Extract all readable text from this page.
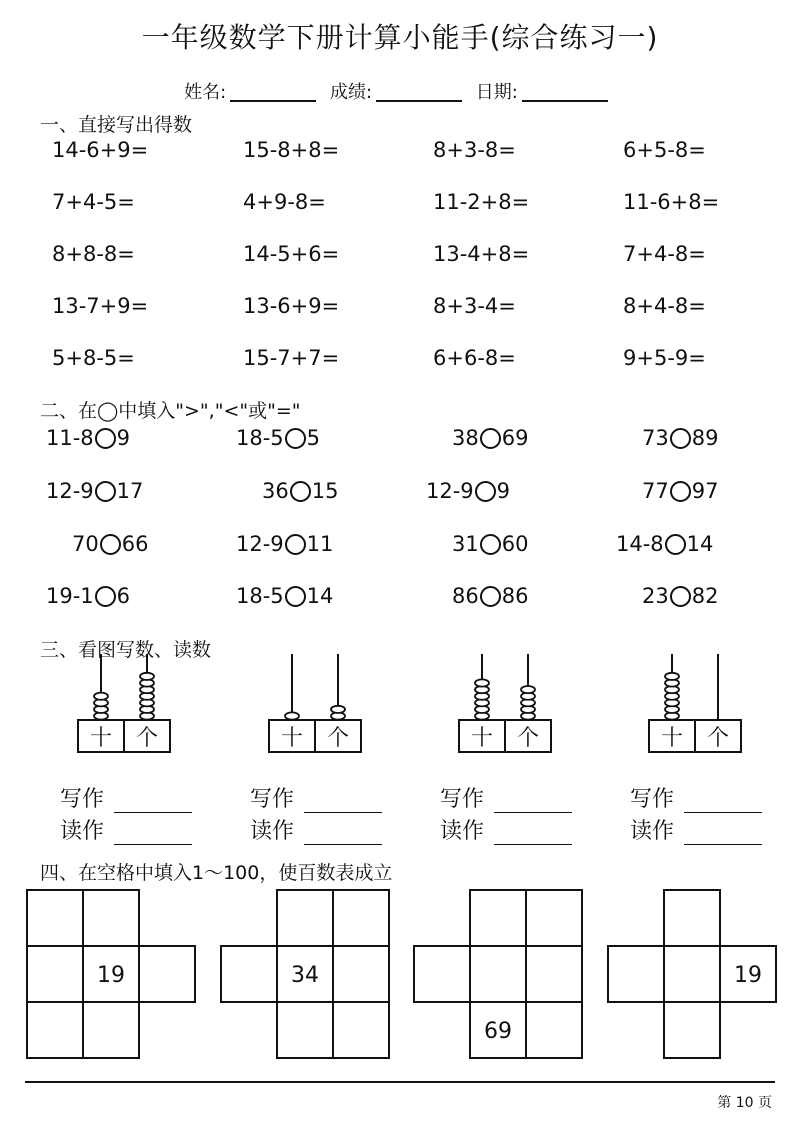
一年级数学下册计算小能手(综合练习一)
姓名:	成绩:	日期:
一、直接写出得数
14-6+9=	15-8+8=	8+3-8=	6+5-8=
7+4-5=	4+9-8=	11-2+8=	11-6+8=
8+8-8=	14-5+6=	13-4+8=	7+4-8=
13-7+9=	13-6+9=	8+3-4=	8+4-8=
5+8-5=	15-7+7=	6+6-8=	9+5-9=
二、在◯中填入">","<"或"="
11-8 9	18-5 5	38 69	73 89
12-9 17	36 15	12-9 9	77 97
70 66	12-9 11	31 60	14-8 14
19-1 6	18-5 14	86 86	23 82
三、看图写数、读数
十 个
写作
读作
十 个
写作
读作
十 个
写作
读作
十 个
写作
读作
四、在空格中填入1～100，使百数表成立
19	34
69
19
第 10 页
